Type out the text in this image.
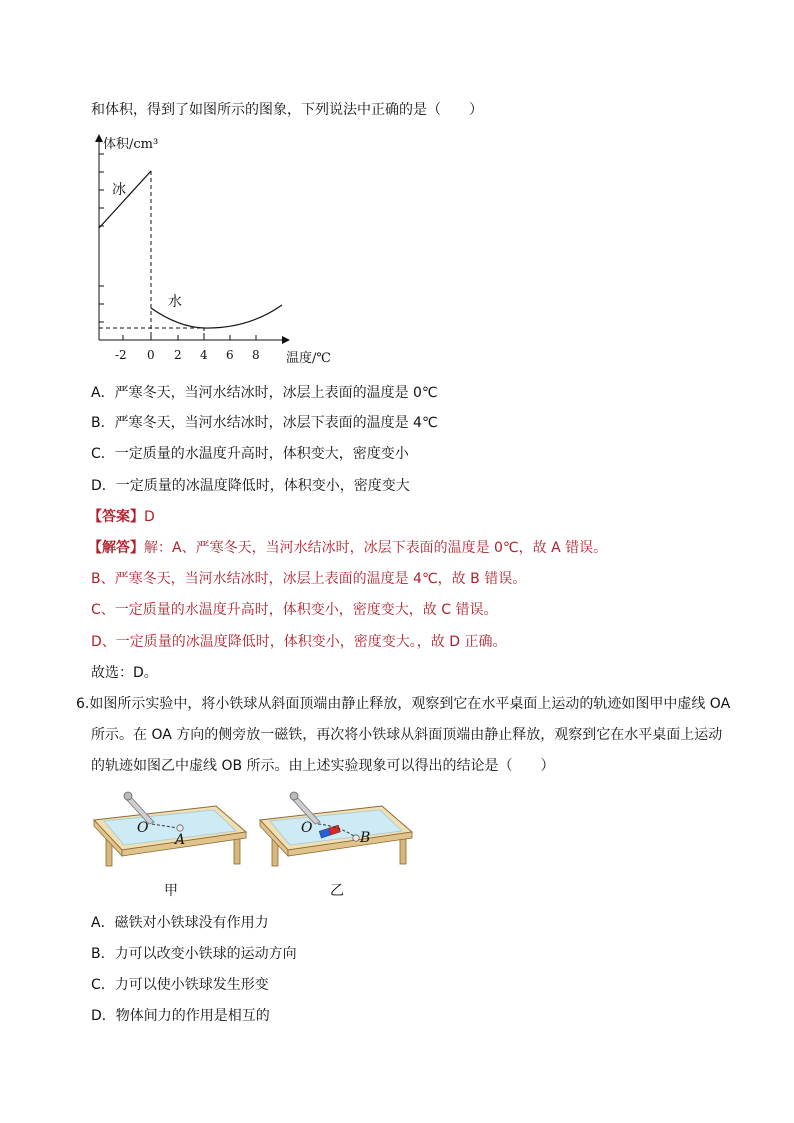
和体积，得到了如图所示的图象，下列说法中正确的是（　　）
体积/cm³
温度/℃
冰
水
-2 0 2 4 6 8
A．严寒冬天，当河水结冰时，冰层上表面的温度是 0℃
B．严寒冬天，当河水结冰时，冰层下表面的温度是 4℃
C．一定质量的水温度升高时，体积变大，密度变小
D．一定质量的冰温度降低时，体积变小，密度变大
【答案】D
【解答】解：A、严寒冬天，当河水结冰时，冰层下表面的温度是 0℃，故 A 错误。
B、严寒冬天，当河水结冰时，冰层上表面的温度是 4℃，故 B 错误。
C、一定质量的水温度升高时，体积变小，密度变大，故 C 错误。
D、一定质量的冰温度降低时，体积变小，密度变大。，故 D 正确。
故选：D。
6.如图所示实验中，将小铁球从斜面顶端由静止释放，观察到它在水平桌面上运动的轨迹如图甲中虚线 OA
所示。在 OA 方向的侧旁放一磁铁，再次将小铁球从斜面顶端由静止释放，观察到它在水平桌面上运动
的轨迹如图乙中虚线 OB 所示。由上述实验现象可以得出的结论是（　　）
O
A
O
B
甲	乙
A．磁铁对小铁球没有作用力
B．力可以改变小铁球的运动方向
C．力可以使小铁球发生形变
D．物体间力的作用是相互的
